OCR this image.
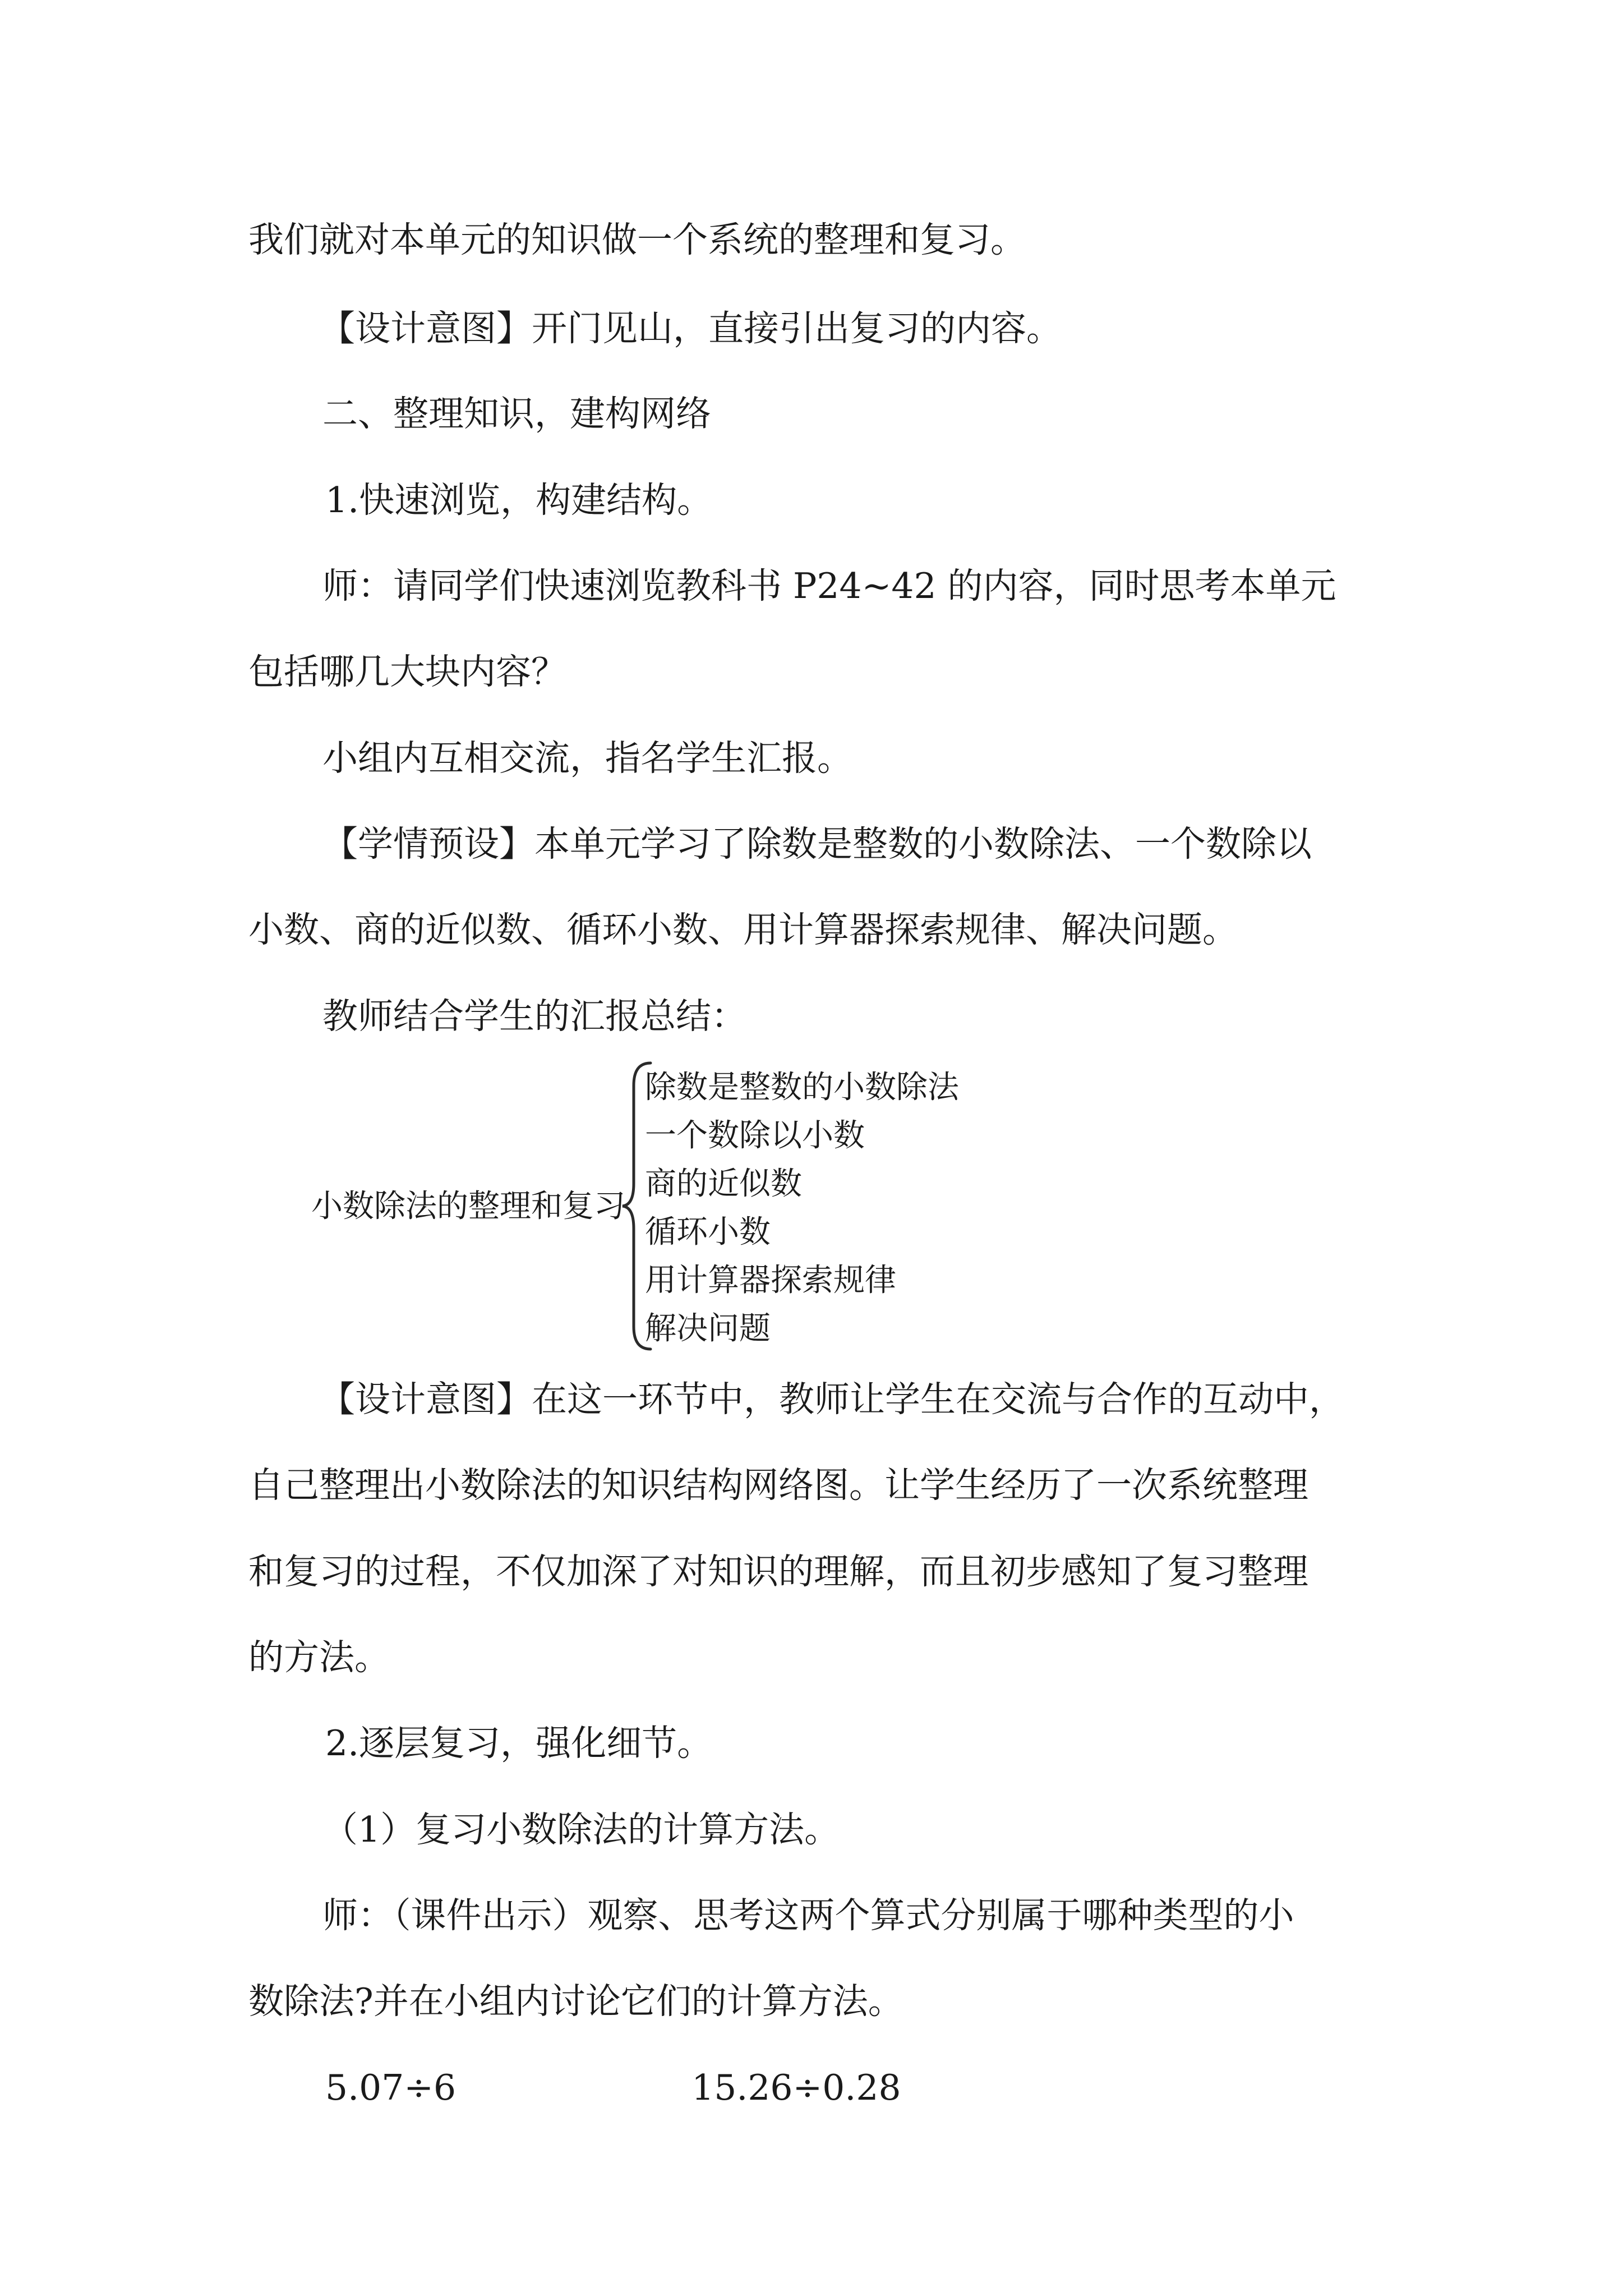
我们就对本单元的知识做一个系统的整理和复习。
【设计意图】开门见山，直接引出复习的内容。
二、整理知识，建构网络
1.快速浏览，构建结构。
师：请同学们快速浏览教科书 P24~42 的内容，同时思考本单元
包括哪几大块内容？
小组内互相交流，指名学生汇报。
【学情预设】本单元学习了除数是整数的小数除法、一个数除以
小数、商的近似数、循环小数、用计算器探索规律、解决问题。
教师结合学生的汇报总结：
小数除法的整理和复习
除数是整数的小数除法
一个数除以小数
商的近似数
循环小数
用计算器探索规律
解决问题
【设计意图】在这一环节中，教师让学生在交流与合作的互动中，
自己整理出小数除法的知识结构网络图。让学生经历了一次系统整理
和复习的过程，不仅加深了对知识的理解，而且初步感知了复习整理
的方法。
2.逐层复习，强化细节。
（1）复习小数除法的计算方法。
师：（课件出示）观察、思考这两个算式分别属于哪种类型的小
数除法?并在小组内讨论它们的计算方法。
5.07÷6	15.26÷0.28
